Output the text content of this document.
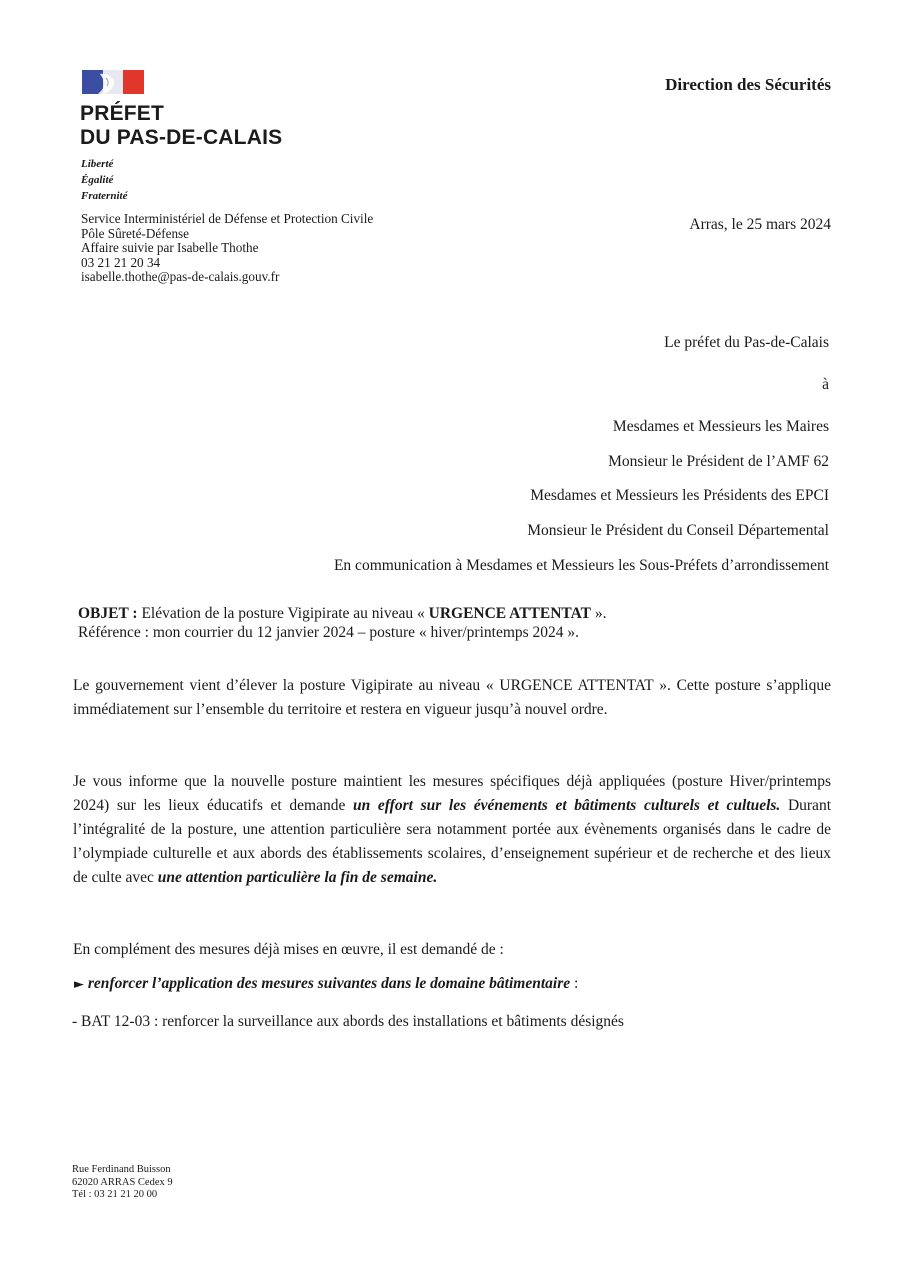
PRÉFET
DU PAS-DE-CALAIS
Liberté
Égalité
Fraternité
Direction des Sécurités
Service Interministériel de Défense et Protection Civile
Pôle Sûreté-Défense
Affaire suivie par Isabelle Thothe
03 21 21 20 34
isabelle.thothe@pas-de-calais.gouv.fr
Arras, le 25 mars 2024
Le préfet du Pas-de-Calais
à
Mesdames et Messieurs les Maires
Monsieur le Président de l’AMF 62
Mesdames et Messieurs les Présidents des EPCI
Monsieur le Président du Conseil Départemental
En communication à Mesdames et Messieurs les Sous-Préfets d’arrondissement
OBJET : Elévation de la posture Vigipirate au niveau « URGENCE ATTENTAT ».
Référence : mon courrier du 12 janvier 2024 – posture « hiver/printemps 2024 ».
Le gouvernement vient d’élever la posture Vigipirate au niveau « URGENCE ATTENTAT ». Cette posture s’applique immédiatement sur l’ensemble du territoire et restera en vigueur jusqu’à nouvel ordre.
Je vous informe que la nouvelle posture maintient les mesures spécifiques déjà appliquées (posture Hiver/printemps 2024) sur les lieux éducatifs et demande un effort sur les événements et bâtiments culturels et cultuels. Durant l’intégralité de la posture, une attention particulière sera notamment portée aux évènements organisés dans le cadre de l’olympiade culturelle et aux abords des établissements scolaires, d’enseignement supérieur et de recherche et des lieux de culte avec une attention particulière la fin de semaine.
En complément des mesures déjà mises en œuvre, il est demandé de :
► renforcer l’application des mesures suivantes dans le domaine bâtimentaire :
- BAT 12-03 : renforcer la surveillance aux abords des installations et bâtiments désignés
Rue Ferdinand Buisson
62020 ARRAS Cedex 9
Tél : 03 21 21 20 00
